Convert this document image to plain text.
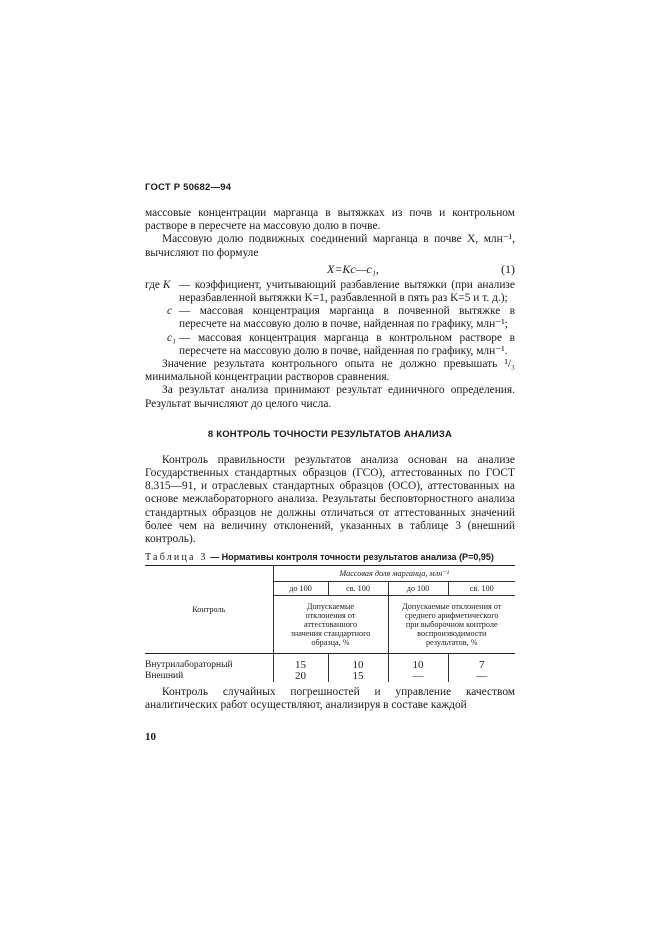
ГОСТ Р 50682—94

массовые концентрации марганца в вытяжках из почв и контрольном растворе в пересчете на массовую долю в почве.

Массовую долю подвижных соединений марганца в почве X, млн⁻¹, вычисляют по формуле

X=Kc—c₁,	(1)
где K — коэффициент, учитывающий разбавление вытяжки (при анализе неразбавленной вытяжки K=1, разбавленной в пять раз K=5 и т. д.);
c — массовая концентрация марганца в почвенной вытяжке в пересчете на массовую долю в почве, найденная по графику, млн⁻¹;
c₁ — массовая концентрация марганца в контрольном растворе в пересчете на массовую долю в почве, найденная по графику, млн⁻¹.

Значение результата контрольного опыта не должно превышать ¹/₃ минимальной концентрации растворов сравнения.

За результат анализа принимают результат единичного определения. Результат вычисляют до целого числа.

8 КОНТРОЛЬ ТОЧНОСТИ РЕЗУЛЬТАТОВ АНАЛИЗА

Контроль правильности результатов анализа основан на анализе Государственных стандартных образцов (ГСО), аттестованных по ГОСТ 8.315—91, и отраслевых стандартных образцов (ОСО), аттестованных на основе межлабораторного анализа. Результаты бесповторностного анализа стандартных образцов не должны отличаться от аттестованных значений более чем на величину отклонений, указанных в таблице 3 (внешний контроль).

Таблица 3 — Нормативы контроля точности результатов анализа (P=0,95)
Контроль	Массовая доля марганца, млн⁻¹			
	до 100	св. 100	до 100	св. 100
	Допускаемые отклонения от аттестованного значения стандартного образца, %		Допускаемые отклонения от среднего арифметического при выборочном контроле воспроизводимости результатов, %	

Внутрилабораторный	15	10	10	7
Внешний	20	15	—	—

Контроль случайных погрешностей и управление качеством аналитических работ осуществляют, анализируя в составе каждой

10
